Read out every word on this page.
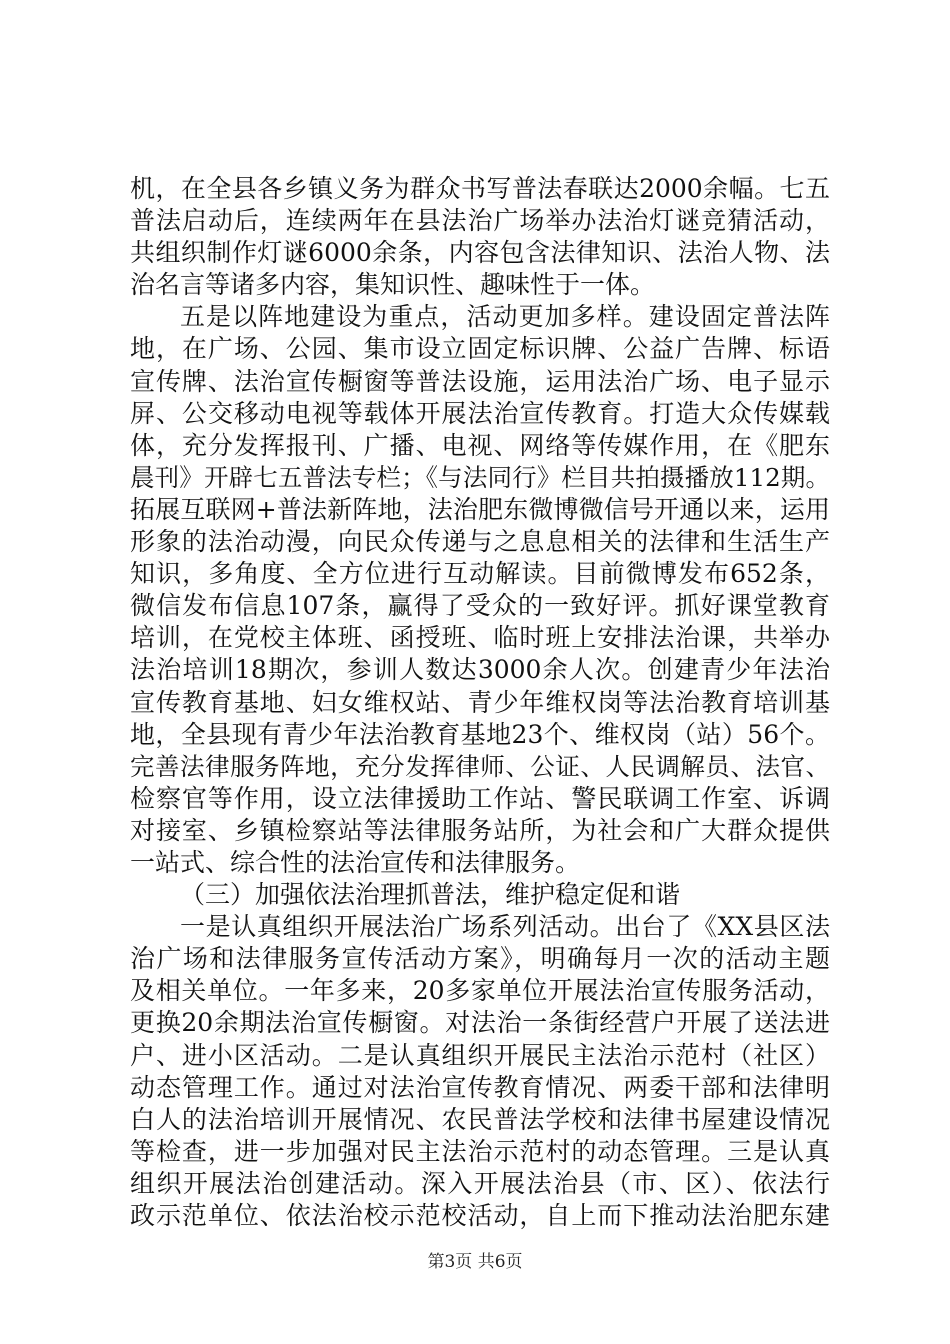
机，在全县各乡镇义务为群众书写普法春联达2000余幅。七五
普法启动后，连续两年在县法治广场举办法治灯谜竞猜活动，
共组织制作灯谜6000余条，内容包含法律知识、法治人物、法
治名言等诸多内容，集知识性、趣味性于一体。
五是以阵地建设为重点，活动更加多样。建设固定普法阵
地，在广场、公园、集市设立固定标识牌、公益广告牌、标语
宣传牌、法治宣传橱窗等普法设施，运用法治广场、电子显示
屏、公交移动电视等载体开展法治宣传教育。打造大众传媒载
体，充分发挥报刊、广播、电视、网络等传媒作用，在《肥东
晨刊》开辟七五普法专栏；《与法同行》栏目共拍摄播放112期。
拓展互联网+普法新阵地，法治肥东微博微信号开通以来，运用
形象的法治动漫，向民众传递与之息息相关的法律和生活生产
知识，多角度、全方位进行互动解读。目前微博发布652条，
微信发布信息107条，赢得了受众的一致好评。抓好课堂教育
培训，在党校主体班、函授班、临时班上安排法治课，共举办
法治培训18期次，参训人数达3000余人次。创建青少年法治
宣传教育基地、妇女维权站、青少年维权岗等法治教育培训基
地，全县现有青少年法治教育基地23个、维权岗（站）56个。
完善法律服务阵地，充分发挥律师、公证、人民调解员、法官、
检察官等作用，设立法律援助工作站、警民联调工作室、诉调
对接室、乡镇检察站等法律服务站所，为社会和广大群众提供
一站式、综合性的法治宣传和法律服务。
（三）加强依法治理抓普法，维护稳定促和谐
一是认真组织开展法治广场系列活动。出台了《XX县区法
治广场和法律服务宣传活动方案》，明确每月一次的活动主题
及相关单位。一年多来，20多家单位开展法治宣传服务活动，
更换20余期法治宣传橱窗。对法治一条街经营户开展了送法进
户、进小区活动。二是认真组织开展民主法治示范村（社区）
动态管理工作。通过对法治宣传教育情况、两委干部和法律明
白人的法治培训开展情况、农民普法学校和法律书屋建设情况
等检查，进一步加强对民主法治示范村的动态管理。三是认真
组织开展法治创建活动。深入开展法治县（市、区）、依法行
政示范单位、依法治校示范校活动，自上而下推动法治肥东建
第3页 共6页
